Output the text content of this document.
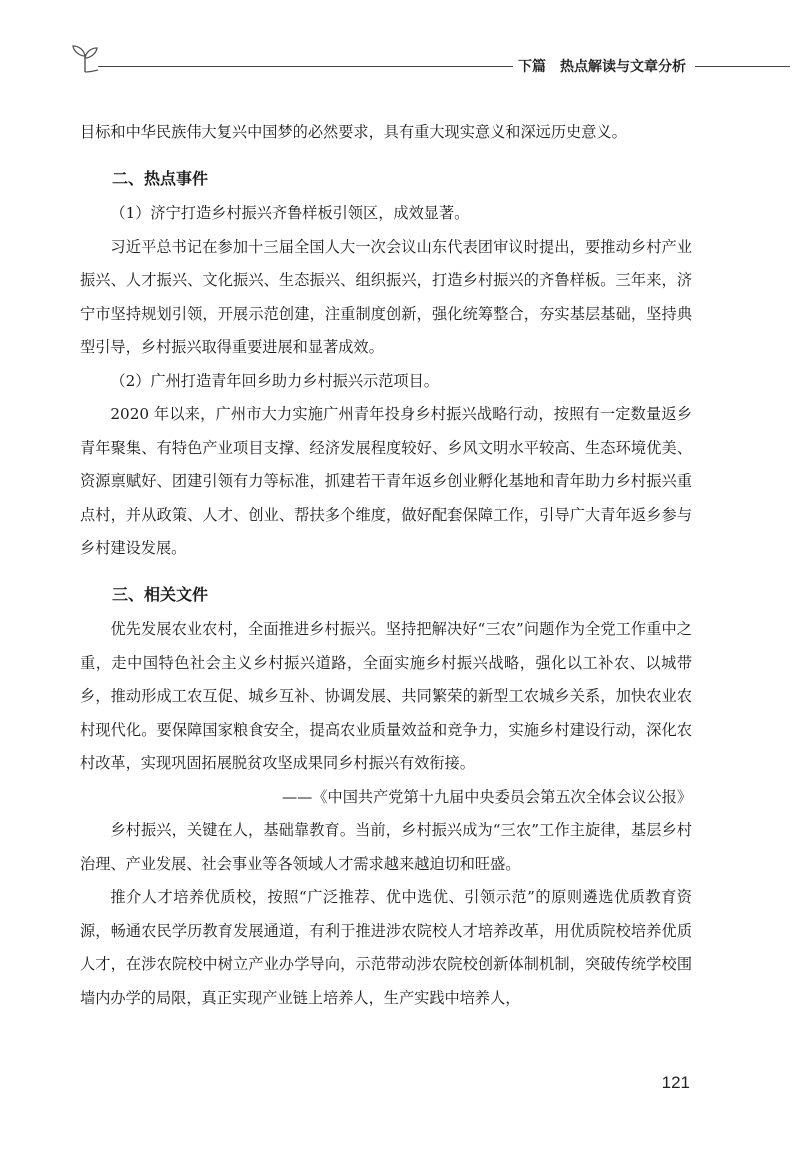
下篇　热点解读与文章分析

目标和中华民族伟大复兴中国梦的必然要求，具有重大现实意义和深远历史意义。

二、热点事件

（1）济宁打造乡村振兴齐鲁样板引领区，成效显著。

习近平总书记在参加十三届全国人大一次会议山东代表团审议时提出，要推动乡村产业振兴、人才振兴、文化振兴、生态振兴、组织振兴，打造乡村振兴的齐鲁样板。三年来，济宁市坚持规划引领，开展示范创建，注重制度创新，强化统筹整合，夯实基层基础，坚持典型引导，乡村振兴取得重要进展和显著成效。

（2）广州打造青年回乡助力乡村振兴示范项目。

2020 年以来，广州市大力实施广州青年投身乡村振兴战略行动，按照有一定数量返乡青年聚集、有特色产业项目支撑、经济发展程度较好、乡风文明水平较高、生态环境优美、资源禀赋好、团建引领有力等标准，抓建若干青年返乡创业孵化基地和青年助力乡村振兴重点村，并从政策、人才、创业、帮扶多个维度，做好配套保障工作，引导广大青年返乡参与乡村建设发展。

三、相关文件

优先发展农业农村，全面推进乡村振兴。坚持把解决好“三农”问题作为全党工作重中之重，走中国特色社会主义乡村振兴道路，全面实施乡村振兴战略，强化以工补农、以城带乡，推动形成工农互促、城乡互补、协调发展、共同繁荣的新型工农城乡关系，加快农业农村现代化。要保障国家粮食安全，提高农业质量效益和竞争力，实施乡村建设行动，深化农村改革，实现巩固拓展脱贫攻坚成果同乡村振兴有效衔接。

——《中国共产党第十九届中央委员会第五次全体会议公报》

乡村振兴，关键在人，基础靠教育。当前，乡村振兴成为“三农”工作主旋律，基层乡村治理、产业发展、社会事业等各领域人才需求越来越迫切和旺盛。

推介人才培养优质校，按照“广泛推荐、优中选优、引领示范”的原则遴选优质教育资源，畅通农民学历教育发展通道，有利于推进涉农院校人才培养改革，用优质院校培养优质人才，在涉农院校中树立产业办学导向，示范带动涉农院校创新体制机制，突破传统学校围墙内办学的局限，真正实现产业链上培养人，生产实践中培养人，

121
